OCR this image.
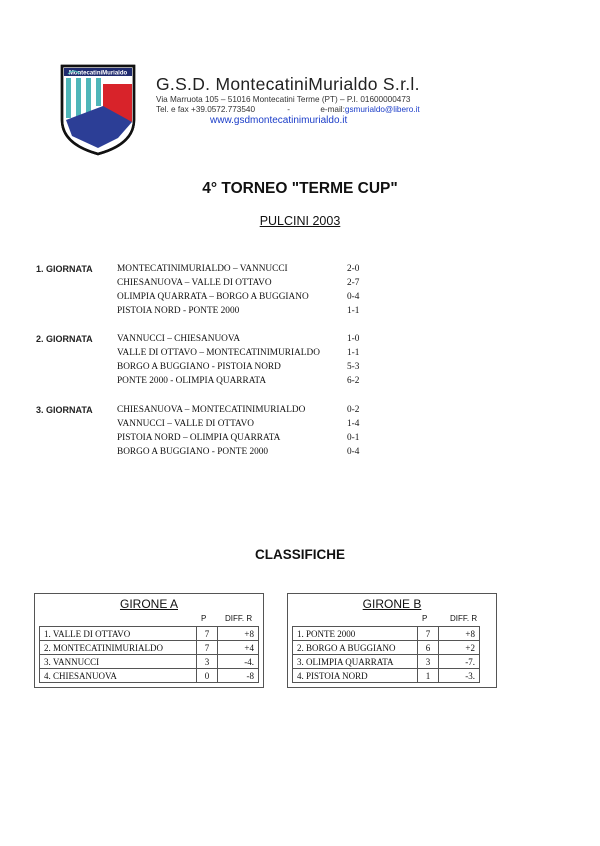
MontecatiniMurialdo
G.S.D. MontecatiniMurialdo S.r.l.
Via Marruota 105 – 51016 Montecatini Terme (PT) – P.I. 01600000473
Tel. e fax +39.0572.773540	-	e-mail:gsmurialdo@libero.it
www.gsdmontecatinimurialdo.it
4° TORNEO "TERME CUP"
PULCINI 2003
1. GIORNATA	MONTECATINIMURIALDO – VANNUCCI	2-0
CHIESANUOVA – VALLE DI OTTAVO	2-7
OLIMPIA QUARRATA – BORGO A BUGGIANO	0-4
PISTOIA NORD - PONTE 2000	1-1
2. GIORNATA	VANNUCCI – CHIESANUOVA	1-0
VALLE DI OTTAVO – MONTECATINIMURIALDO	1-1
BORGO A BUGGIANO - PISTOIA NORD	5-3
PONTE 2000 - OLIMPIA QUARRATA	6-2
3. GIORNATA	CHIESANUOVA – MONTECATINIMURIALDO	0-2
VANNUCCI – VALLE DI OTTAVO	1-4
PISTOIA NORD – OLIMPIA QUARRATA	0-1
BORGO A BUGGIANO - PONTE 2000	0-4
CLASSIFICHE
GIRONE A
P DIFF. R
1. VALLE DI OTTAVO	7	+8
2. MONTECATINIMURIALDO	7	+4
3. VANNUCCI	3	-4.
4. CHIESANUOVA	0	-8
GIRONE B
P	DIFF. R
1. PONTE 2000	7	+8
2. BORGO A BUGGIANO	6	+2
3. OLIMPIA QUARRATA	3	-7.
4. PISTOIA NORD	1	-3.
